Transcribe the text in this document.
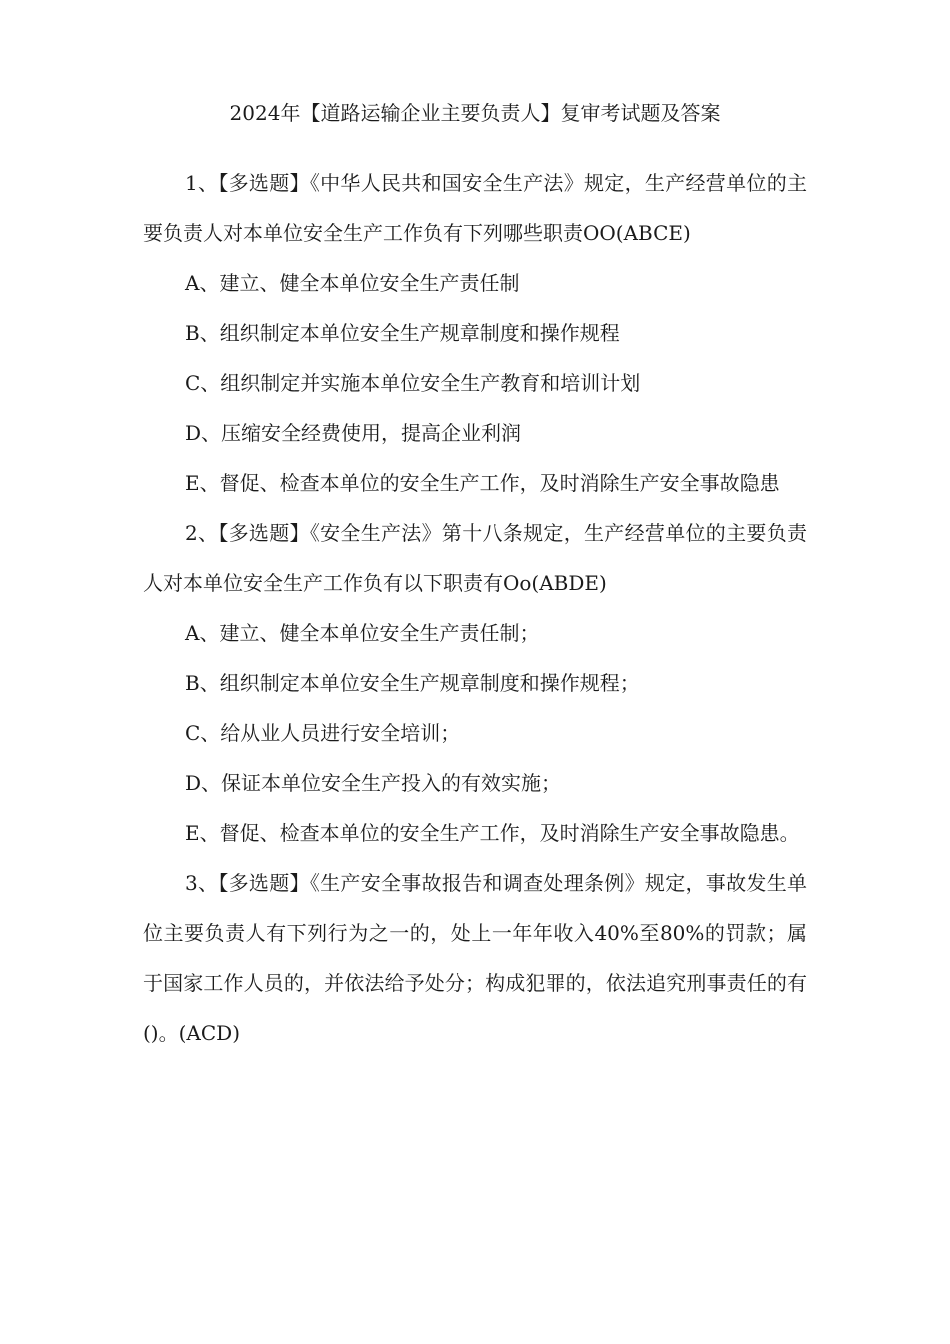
2024年【道路运输企业主要负责人】复审考试题及答案

1、【多选题】《中华人民共和国安全生产法》规定，生产经营单位的主要负责人对本单位安全生产工作负有下列哪些职责OO(ABCE)

A、建立、健全本单位安全生产责任制

B、组织制定本单位安全生产规章制度和操作规程

C、组织制定并实施本单位安全生产教育和培训计划

D、压缩安全经费使用，提高企业利润

E、督促、检查本单位的安全生产工作，及时消除生产安全事故隐患

2、【多选题】《安全生产法》第十八条规定，生产经营单位的主要负责人对本单位安全生产工作负有以下职责有Oo(ABDE)

A、建立、健全本单位安全生产责任制；

B、组织制定本单位安全生产规章制度和操作规程；

C、给从业人员进行安全培训；

D、保证本单位安全生产投入的有效实施；

E、督促、检查本单位的安全生产工作，及时消除生产安全事故隐患。

3、【多选题】《生产安全事故报告和调查处理条例》规定，事故发生单位主要负责人有下列行为之一的，处上一年年收入40%至80%的罚款；属于国家工作人员的，并依法给予处分；构成犯罪的，依法追究刑事责任的有()。(ACD)
